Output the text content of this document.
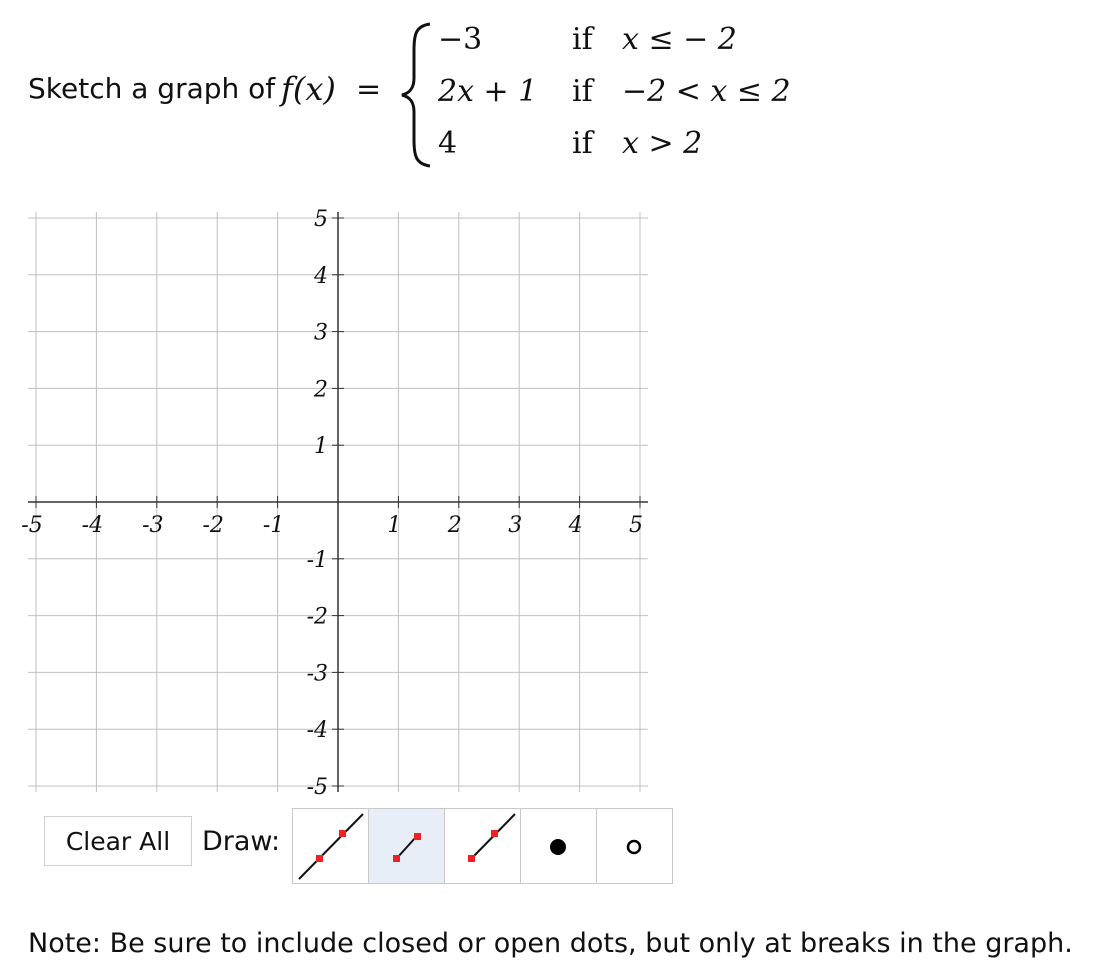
Sketch a graph of f(x) =
−3	if x ≤ − 2
2x + 1 if −2 < x ≤ 2
4	if x > 2
-5 -4 -3 -2 -1	1 2 3 4 5
5
4
3
2
1
-1
-2
-3
-4
-5
Clear All	Draw:
Note: Be sure to include closed or open dots, but only at breaks in the graph.
